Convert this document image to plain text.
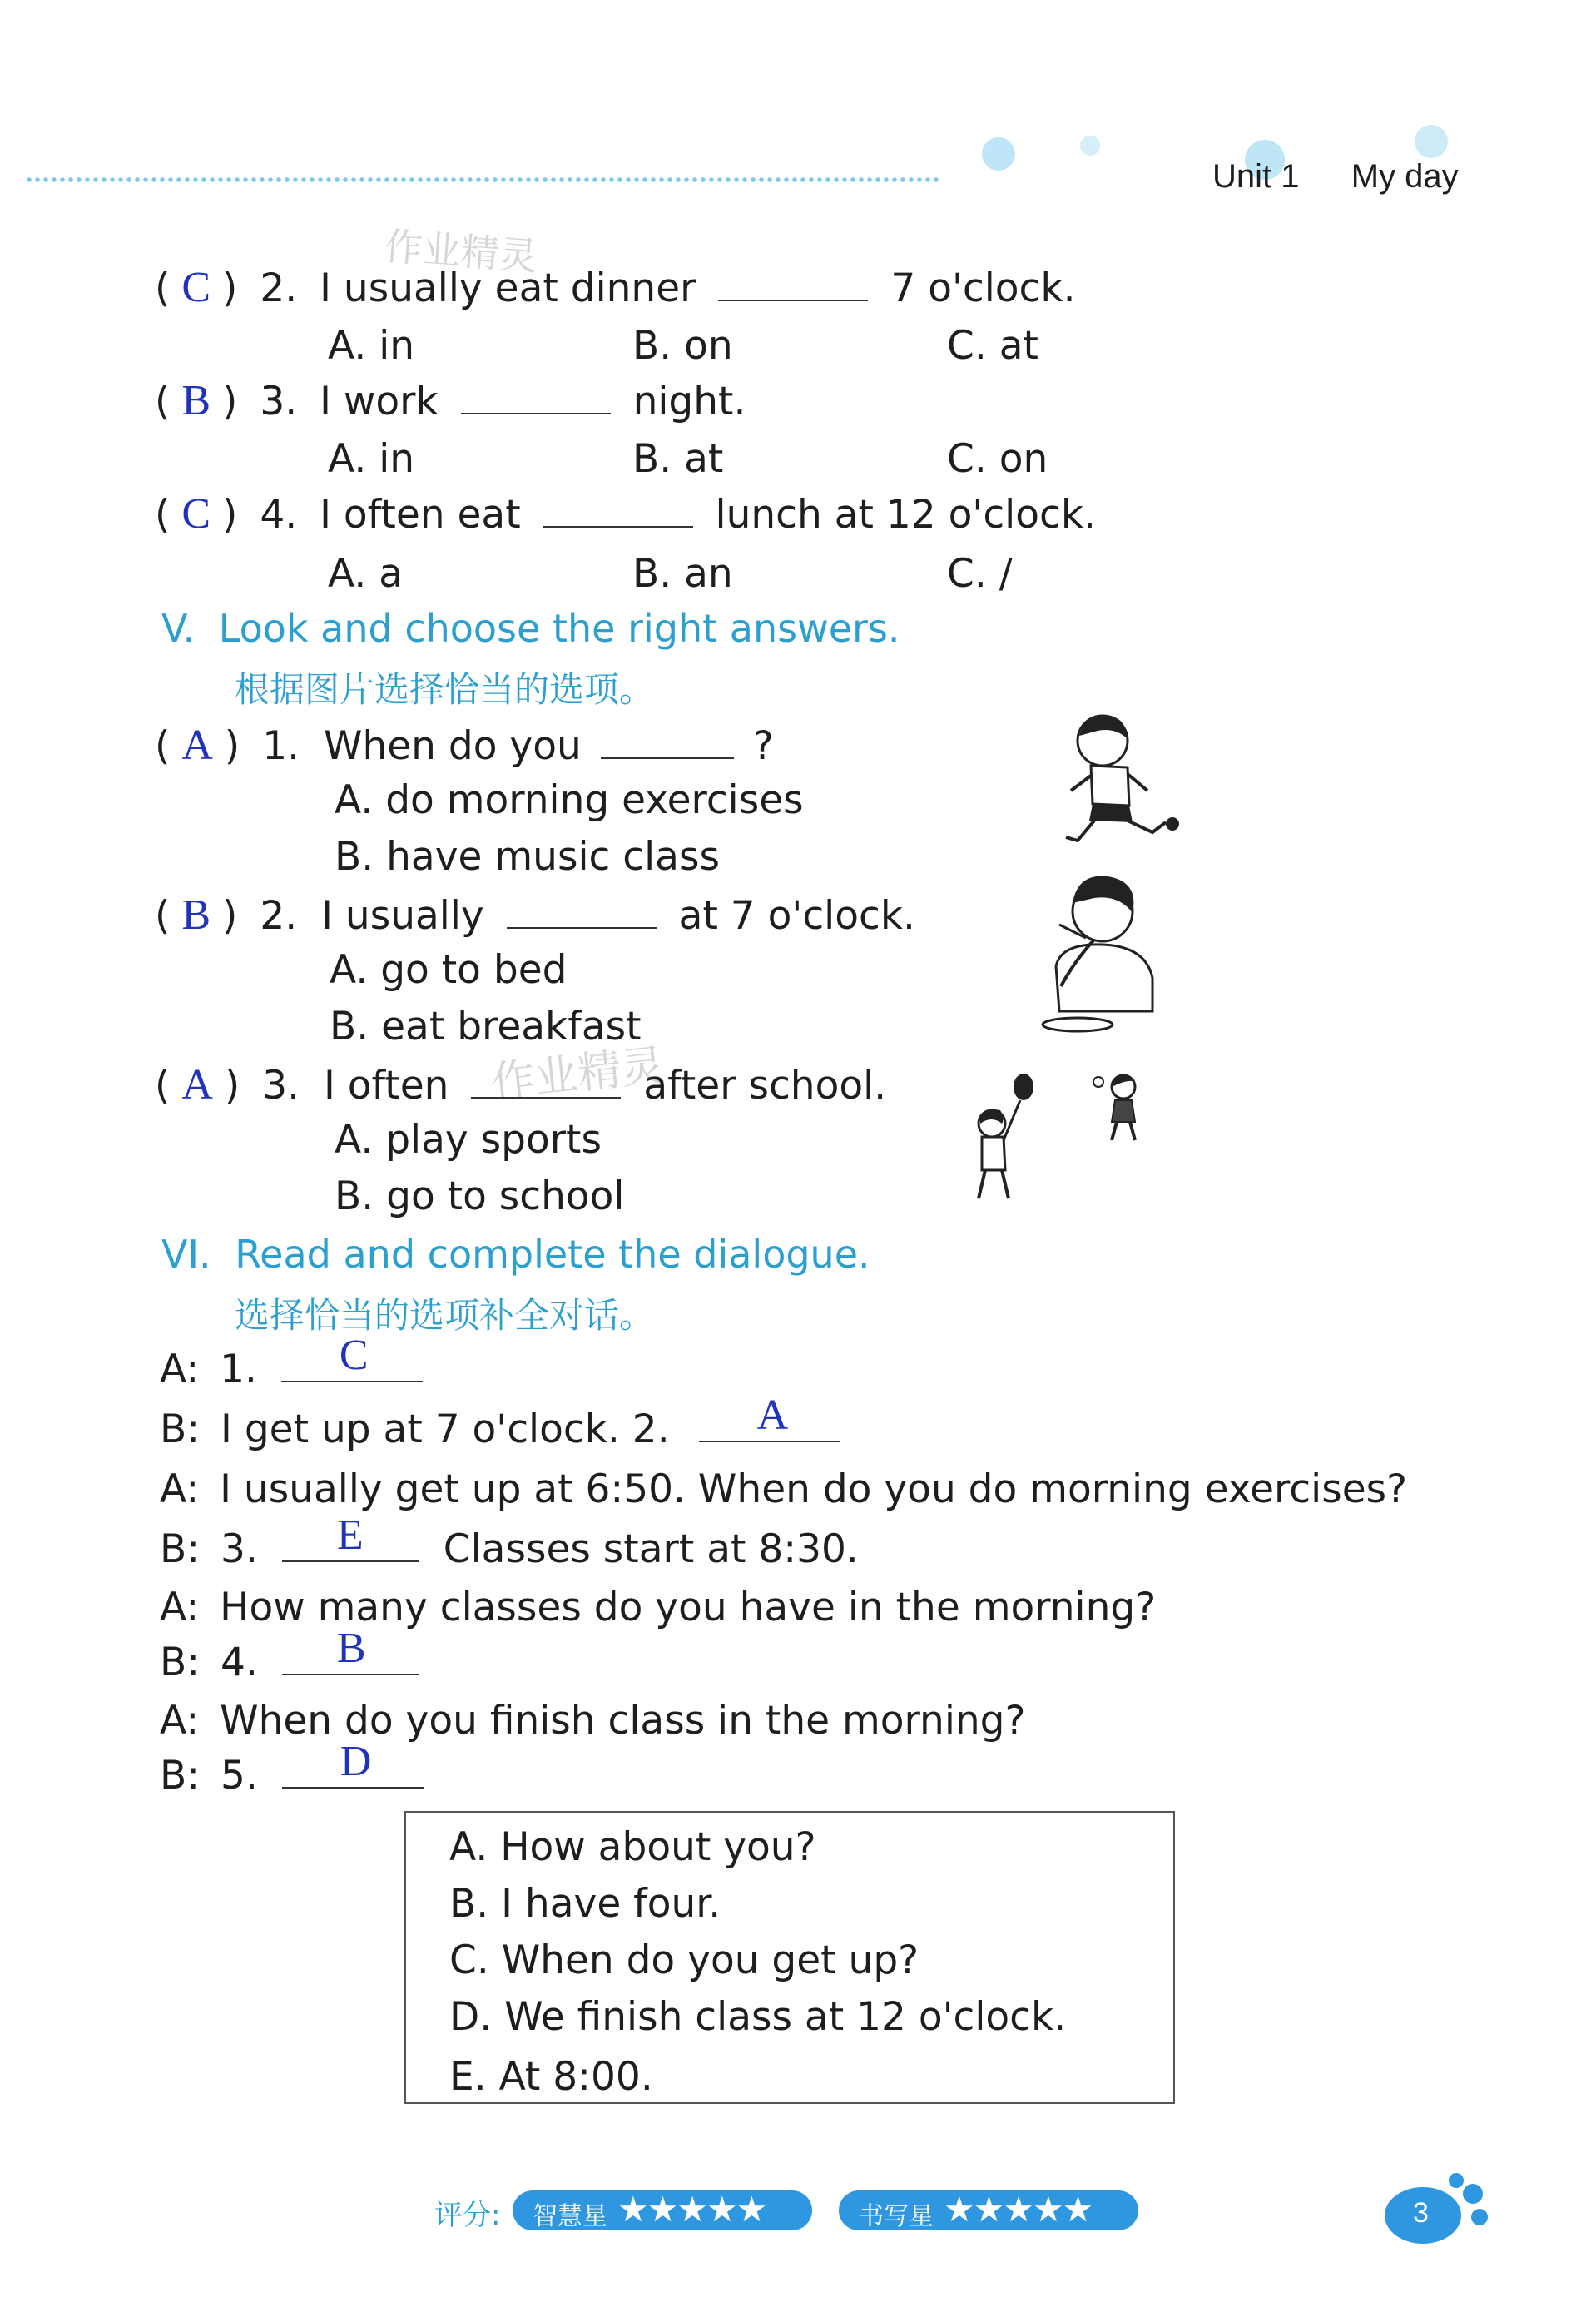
Unit 1 My day
作业精灵
作业精灵
( C ) 2. I usually eat dinner	7 o'clock.
A. in	B. on	C. at
( B ) 3. I work	night.
A. in	B. at	C. on
( C ) 4. I often eat	lunch at 12 o'clock.
A. a	B. an	C. /
V. Look and choose the right answers.
根据图片选择恰当的选项。
( A ) 1. When do you	?
A. do morning exercises
B. have music class
( B ) 2. I usually	at 7 o'clock.
A. go to bed
B. eat breakfast
( A ) 3. I often	after school.
A. play sports
B. go to school
VI. Read and complete the dialogue.
选择恰当的选项补全对话。
A: 1. C
B: I get up at 7 o'clock. 2. A
A: I usually get up at 6:50. When do you do morning exercises?
B: 3. E Classes start at 8:30.
A: How many classes do you have in the morning?
B: 4. B
A: When do you finish class in the morning?
B: 5. D
A. How about you?
B. I have four.
C. When do you get up?
D. We finish class at 12 o'clock.
E. At 8:00.
评分: 智慧星 ★★★★★	书写星 ★★★★★	3
